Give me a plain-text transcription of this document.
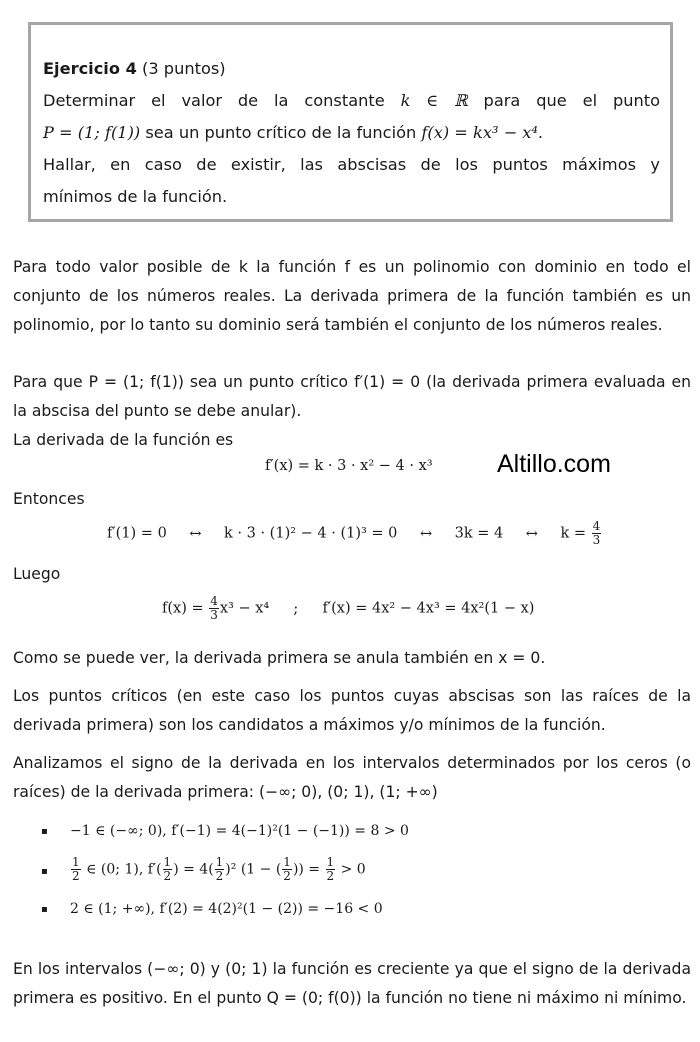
Ejercicio 4 (3 puntos)
Determinar el valor de la constante k ∈ ℝ para que el punto
P = (1; f(1)) sea un punto crítico de la función f(x) = kx³ − x⁴.
Hallar, en caso de existir, las abscisas de los puntos máximos y
mínimos de la función.
Para todo valor posible de k la función f es un polinomio con dominio en todo el conjunto de los números reales. La derivada primera de la función también es un polinomio, por lo tanto su dominio será también el conjunto de los números reales.
Para que P = (1; f(1)) sea un punto crítico f′(1) = 0 (la derivada primera evaluada en la abscisa del punto se debe anular).
La derivada de la función es
f′(x) = k · 3 · x² − 4 · x³	Altillo.com
Entonces
f′(1) = 0 ↔ k · 3 · (1)² − 4 · (1)³ = 0 ↔ 3k = 4 ↔ $k = \frac{4}{3}$
Luego
$f(x) = \frac{4}{3} x^3 - x^4$ ; f′(x) = 4x² − 4x³ = 4x²(1 − x)
Como se puede ver, la derivada primera se anula también en x = 0.
Los puntos críticos (en este caso los puntos cuyas abscisas son las raíces de la derivada primera) son los candidatos a máximos y/o mínimos de la función.
Analizamos el signo de la derivada en los intervalos determinados por los ceros (o raíces) de la derivada primera: (−∞; 0), (0; 1), (1; +∞)
▪ −1 ∈ (−∞; 0), f′(−1) = 4(−1)²(1 − (−1)) = 8 > 0
▪ $\frac{1}{2}$ ∈ (0; 1), $f'( \frac{1}{2}$ ) = $4( \frac{1}{2} )^2$ (1 − ( $\frac{1}{2}$ )) = $\frac{1}{2} > 0$
▪ 2 ∈ (1; +∞), f′(2) = 4(2)²(1 − (2)) = −16 < 0
En los intervalos (−∞; 0) y (0; 1) la función es creciente ya que el signo de la derivada primera es positivo. En el punto Q = (0; f(0)) la función no tiene ni máximo ni mínimo.
